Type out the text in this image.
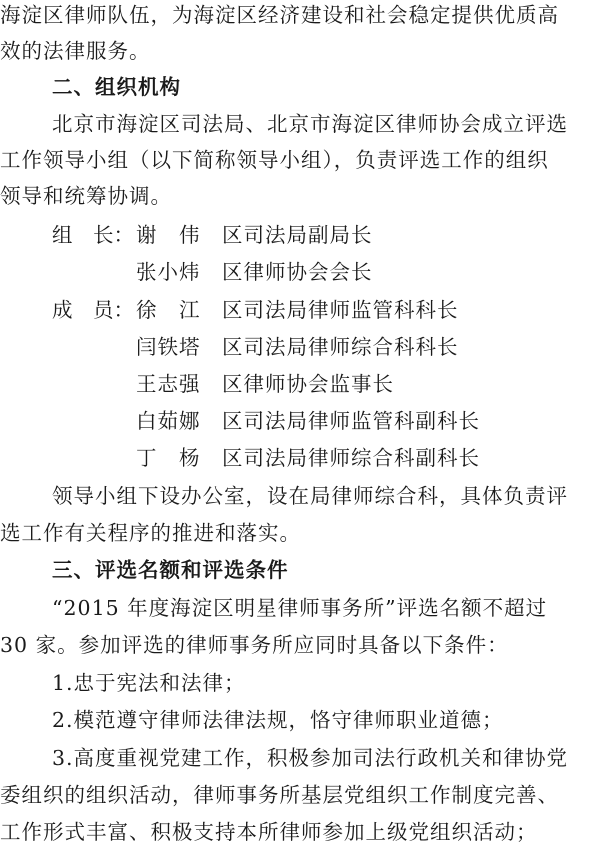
海淀区律师队伍，为海淀区经济建设和社会稳定提供优质高
效的法律服务。
二、组织机构
北京市海淀区司法局、北京市海淀区律师协会成立评选
工作领导小组（以下简称领导小组），负责评选工作的组织
领导和统筹协调。
组　长： 谢　伟 区司法局副局长
张小炜 区律师协会会长
成　员： 徐　江 区司法局律师监管科科长
闫铁塔 区司法局律师综合科科长
王志强 区律师协会监事长
白茹娜 区司法局律师监管科副科长
丁　杨 区司法局律师综合科副科长
领导小组下设办公室，设在局律师综合科，具体负责评
选工作有关程序的推进和落实。
三、评选名额和评选条件
“2015 年度海淀区明星律师事务所”评选名额不超过
30 家。参加评选的律师事务所应同时具备以下条件：
1.忠于宪法和法律；
2.模范遵守律师法律法规，恪守律师职业道德；
3.高度重视党建工作，积极参加司法行政机关和律协党
委组织的组织活动，律师事务所基层党组织工作制度完善、
工作形式丰富、积极支持本所律师参加上级党组织活动；
